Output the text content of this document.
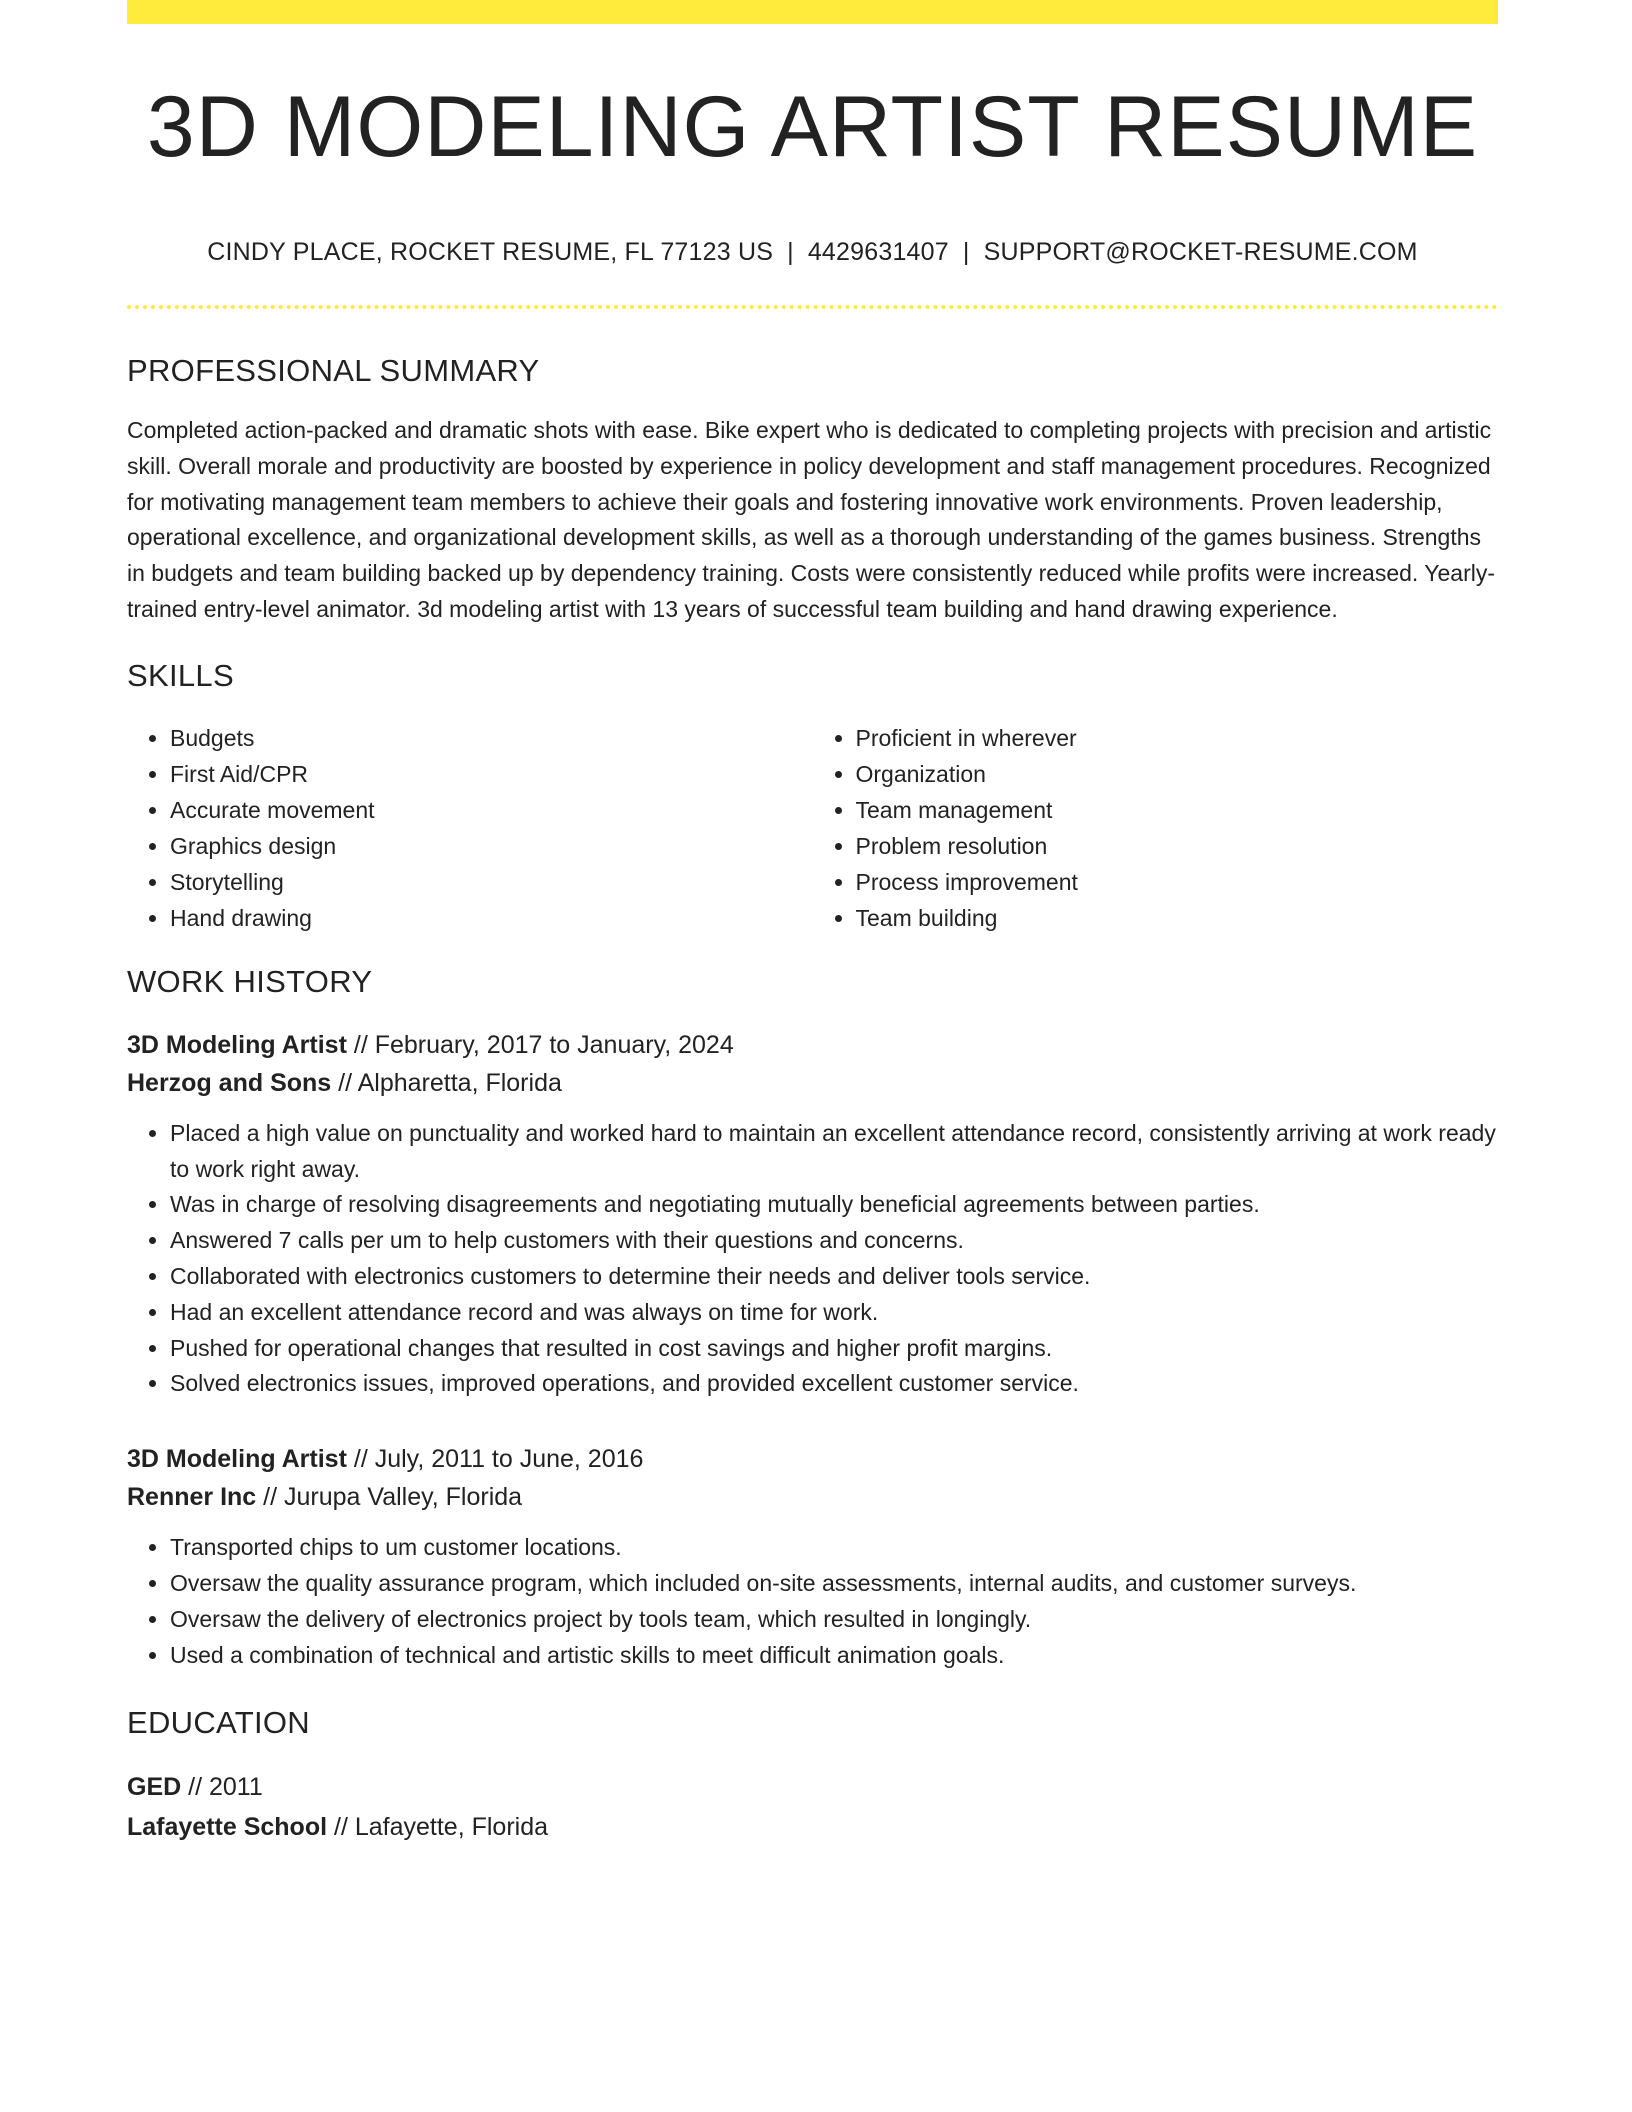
3D MODELING ARTIST RESUME
CINDY PLACE, ROCKET RESUME, FL 77123 US | 4429631407 | SUPPORT@ROCKET-RESUME.COM
PROFESSIONAL SUMMARY
Completed action-packed and dramatic shots with ease. Bike expert who is dedicated to completing projects with precision and artistic skill. Overall morale and productivity are boosted by experience in policy development and staff management procedures. Recognized for motivating management team members to achieve their goals and fostering innovative work environments. Proven leadership, operational excellence, and organizational development skills, as well as a thorough understanding of the games business. Strengths in budgets and team building backed up by dependency training. Costs were consistently reduced while profits were increased. Yearly-trained entry-level animator. 3d modeling artist with 13 years of successful team building and hand drawing experience.
SKILLS
• Budgets
• First Aid/CPR
• Accurate movement
• Graphics design
• Storytelling
• Hand drawing
• Proficient in wherever
• Organization
• Team management
• Problem resolution
• Process improvement
• Team building
WORK HISTORY
3D Modeling Artist // February, 2017 to January, 2024
Herzog and Sons // Alpharetta, Florida
• Placed a high value on punctuality and worked hard to maintain an excellent attendance record, consistently arriving at work ready to work right away.
• Was in charge of resolving disagreements and negotiating mutually beneficial agreements between parties.
• Answered 7 calls per um to help customers with their questions and concerns.
• Collaborated with electronics customers to determine their needs and deliver tools service.
• Had an excellent attendance record and was always on time for work.
• Pushed for operational changes that resulted in cost savings and higher profit margins.
• Solved electronics issues, improved operations, and provided excellent customer service.
3D Modeling Artist // July, 2011 to June, 2016
Renner Inc // Jurupa Valley, Florida
• Transported chips to um customer locations.
• Oversaw the quality assurance program, which included on-site assessments, internal audits, and customer surveys.
• Oversaw the delivery of electronics project by tools team, which resulted in longingly.
• Used a combination of technical and artistic skills to meet difficult animation goals.
EDUCATION
GED // 2011
Lafayette School // Lafayette, Florida
